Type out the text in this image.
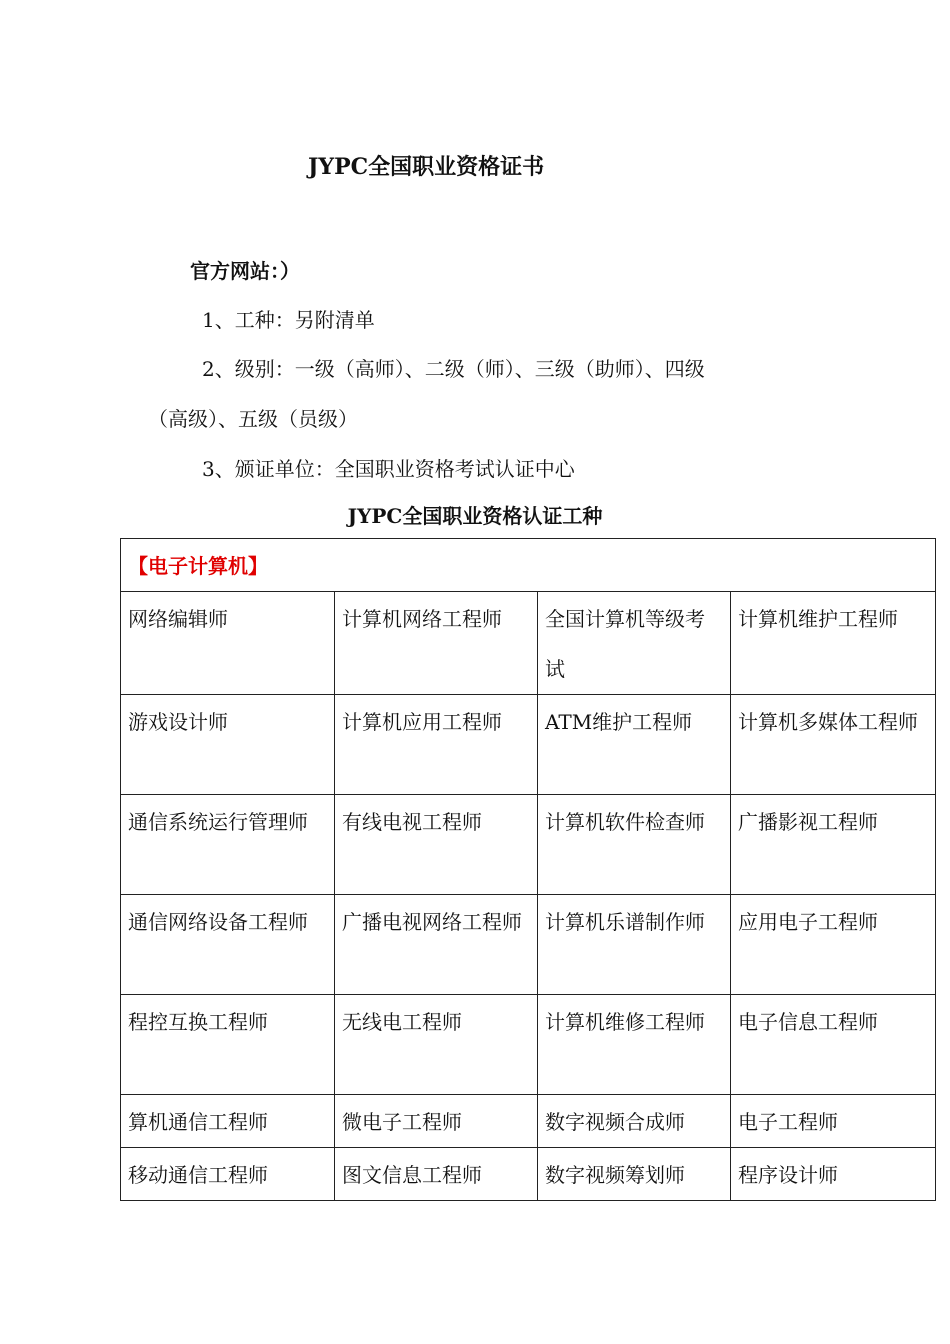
JYPC全国职业资格证书
官方网站：）
1、工种：另附清单
2、级别：一级（高师）、二级（师）、三级（助师）、四级
（高级）、五级（员级）
3、颁证单位：全国职业资格考试认证中心
JYPC全国职业资格认证工种
【电子计算机】			
网络编辑师	计算机网络工程师	全国计算机等级考试	计算机维护工程师
游戏设计师	计算机应用工程师	ATM维护工程师	计算机多媒体工程师
通信系统运行管理师	有线电视工程师	计算机软件检查师	广播影视工程师
通信网络设备工程师	广播电视网络工程师	计算机乐谱制作师	应用电子工程师
程控互换工程师	无线电工程师	计算机维修工程师	电子信息工程师
算机通信工程师	微电子工程师	数字视频合成师	电子工程师
移动通信工程师	图文信息工程师	数字视频筹划师	程序设计师
